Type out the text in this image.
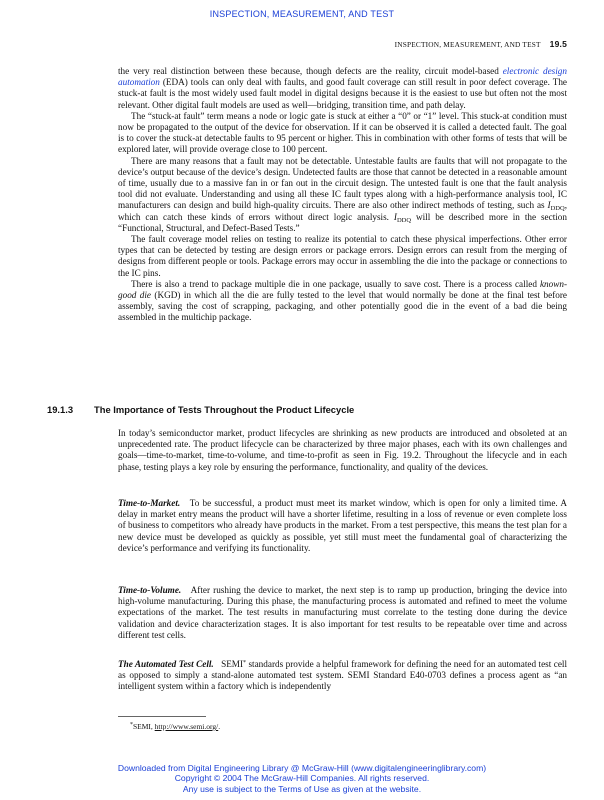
INSPECTION, MEASUREMENT, AND TEST
INSPECTION, MEASUREMENT, AND TEST 19.5

the very real distinction between these because, though defects are the reality, circuit model-based electronic design automation (EDA) tools can only deal with faults, and good fault coverage can still result in poor defect coverage. The stuck-at fault is the most widely used fault model in digital designs because it is the easiest to use but often not the most relevant. Other digital fault models are used as well—bridging, transition time, and path delay.

The “stuck-at fault” term means a node or logic gate is stuck at either a “0” or “1” level. This stuck-at condition must now be propagated to the output of the device for observation. If it can be observed it is called a detected fault. The goal is to cover the stuck-at detectable faults to 95 percent or higher. This in combination with other forms of tests that will be explored later, will provide overage close to 100 percent.

There are many reasons that a fault may not be detectable. Untestable faults are faults that will not propagate to the device’s output because of the device’s design. Undetected faults are those that cannot be detected in a reasonable amount of time, usually due to a massive fan in or fan out in the circuit design. The untested fault is one that the fault analysis tool did not evaluate. Understanding and using all these IC fault types along with a high-performance analysis tool, IC manufacturers can design and build high-quality circuits. There are also other indirect methods of testing, such as $I_{DDQ}$, which can catch these kinds of errors without direct logic analysis. $I_{DDQ}$ will be described more in the section “Functional, Structural, and Defect-Based Tests.”

The fault coverage model relies on testing to realize its potential to catch these physical imperfections. Other error types that can be detected by testing are design errors or package errors. Design errors can result from the merging of designs from different people or tools. Package errors may occur in assembling the die into the package or connections to the IC pins.

There is also a trend to package multiple die in one package, usually to save cost. There is a process called known-good die (KGD) in which all the die are fully tested to the level that would normally be done at the final test before assembly, saving the cost of scrapping, packaging, and other potentially good die in the event of a bad die being assembled in the multichip package.

19.1.3 The Importance of Tests Throughout the Product Lifecycle

In today’s semiconductor market, product lifecycles are shrinking as new products are introduced and obsoleted at an unprecedented rate. The product lifecycle can be characterized by three major phases, each with its own challenges and goals—time-to-market, time-to-volume, and time-to-profit as seen in Fig. 19.2. Throughout the lifecycle and in each phase, testing plays a key role by ensuring the performance, functionality, and quality of the devices.

Time-to-Market. To be successful, a product must meet its market window, which is open for only a limited time. A delay in market entry means the product will have a shorter lifetime, resulting in a loss of revenue or even complete loss of business to competitors who already have products in the market. From a test perspective, this means the test plan for a new device must be developed as quickly as possible, yet still must meet the fundamental goal of characterizing the device’s performance and verifying its functionality.

Time-to-Volume. After rushing the device to market, the next step is to ramp up production, bringing the device into high-volume manufacturing. During this phase, the manufacturing process is automated and refined to meet the volume expectations of the market. The test results in manufacturing must correlate to the testing done during the device validation and device characterization stages. It is also important for test results to be repeatable over time and across different test cells.

The Automated Test Cell. SEMI* standards provide a helpful framework for defining the need for an automated test cell as opposed to simply a stand-alone automated test system. SEMI Standard E40-0703 defines a process agent as “an intelligent system within a factory which is independently

*SEMI, http://www.semi.org/.
Downloaded from Digital Engineering Library @ McGraw-Hill (www.digitalengineeringlibrary.com)
Copyright © 2004 The McGraw-Hill Companies. All rights reserved.
Any use is subject to the Terms of Use as given at the website.
